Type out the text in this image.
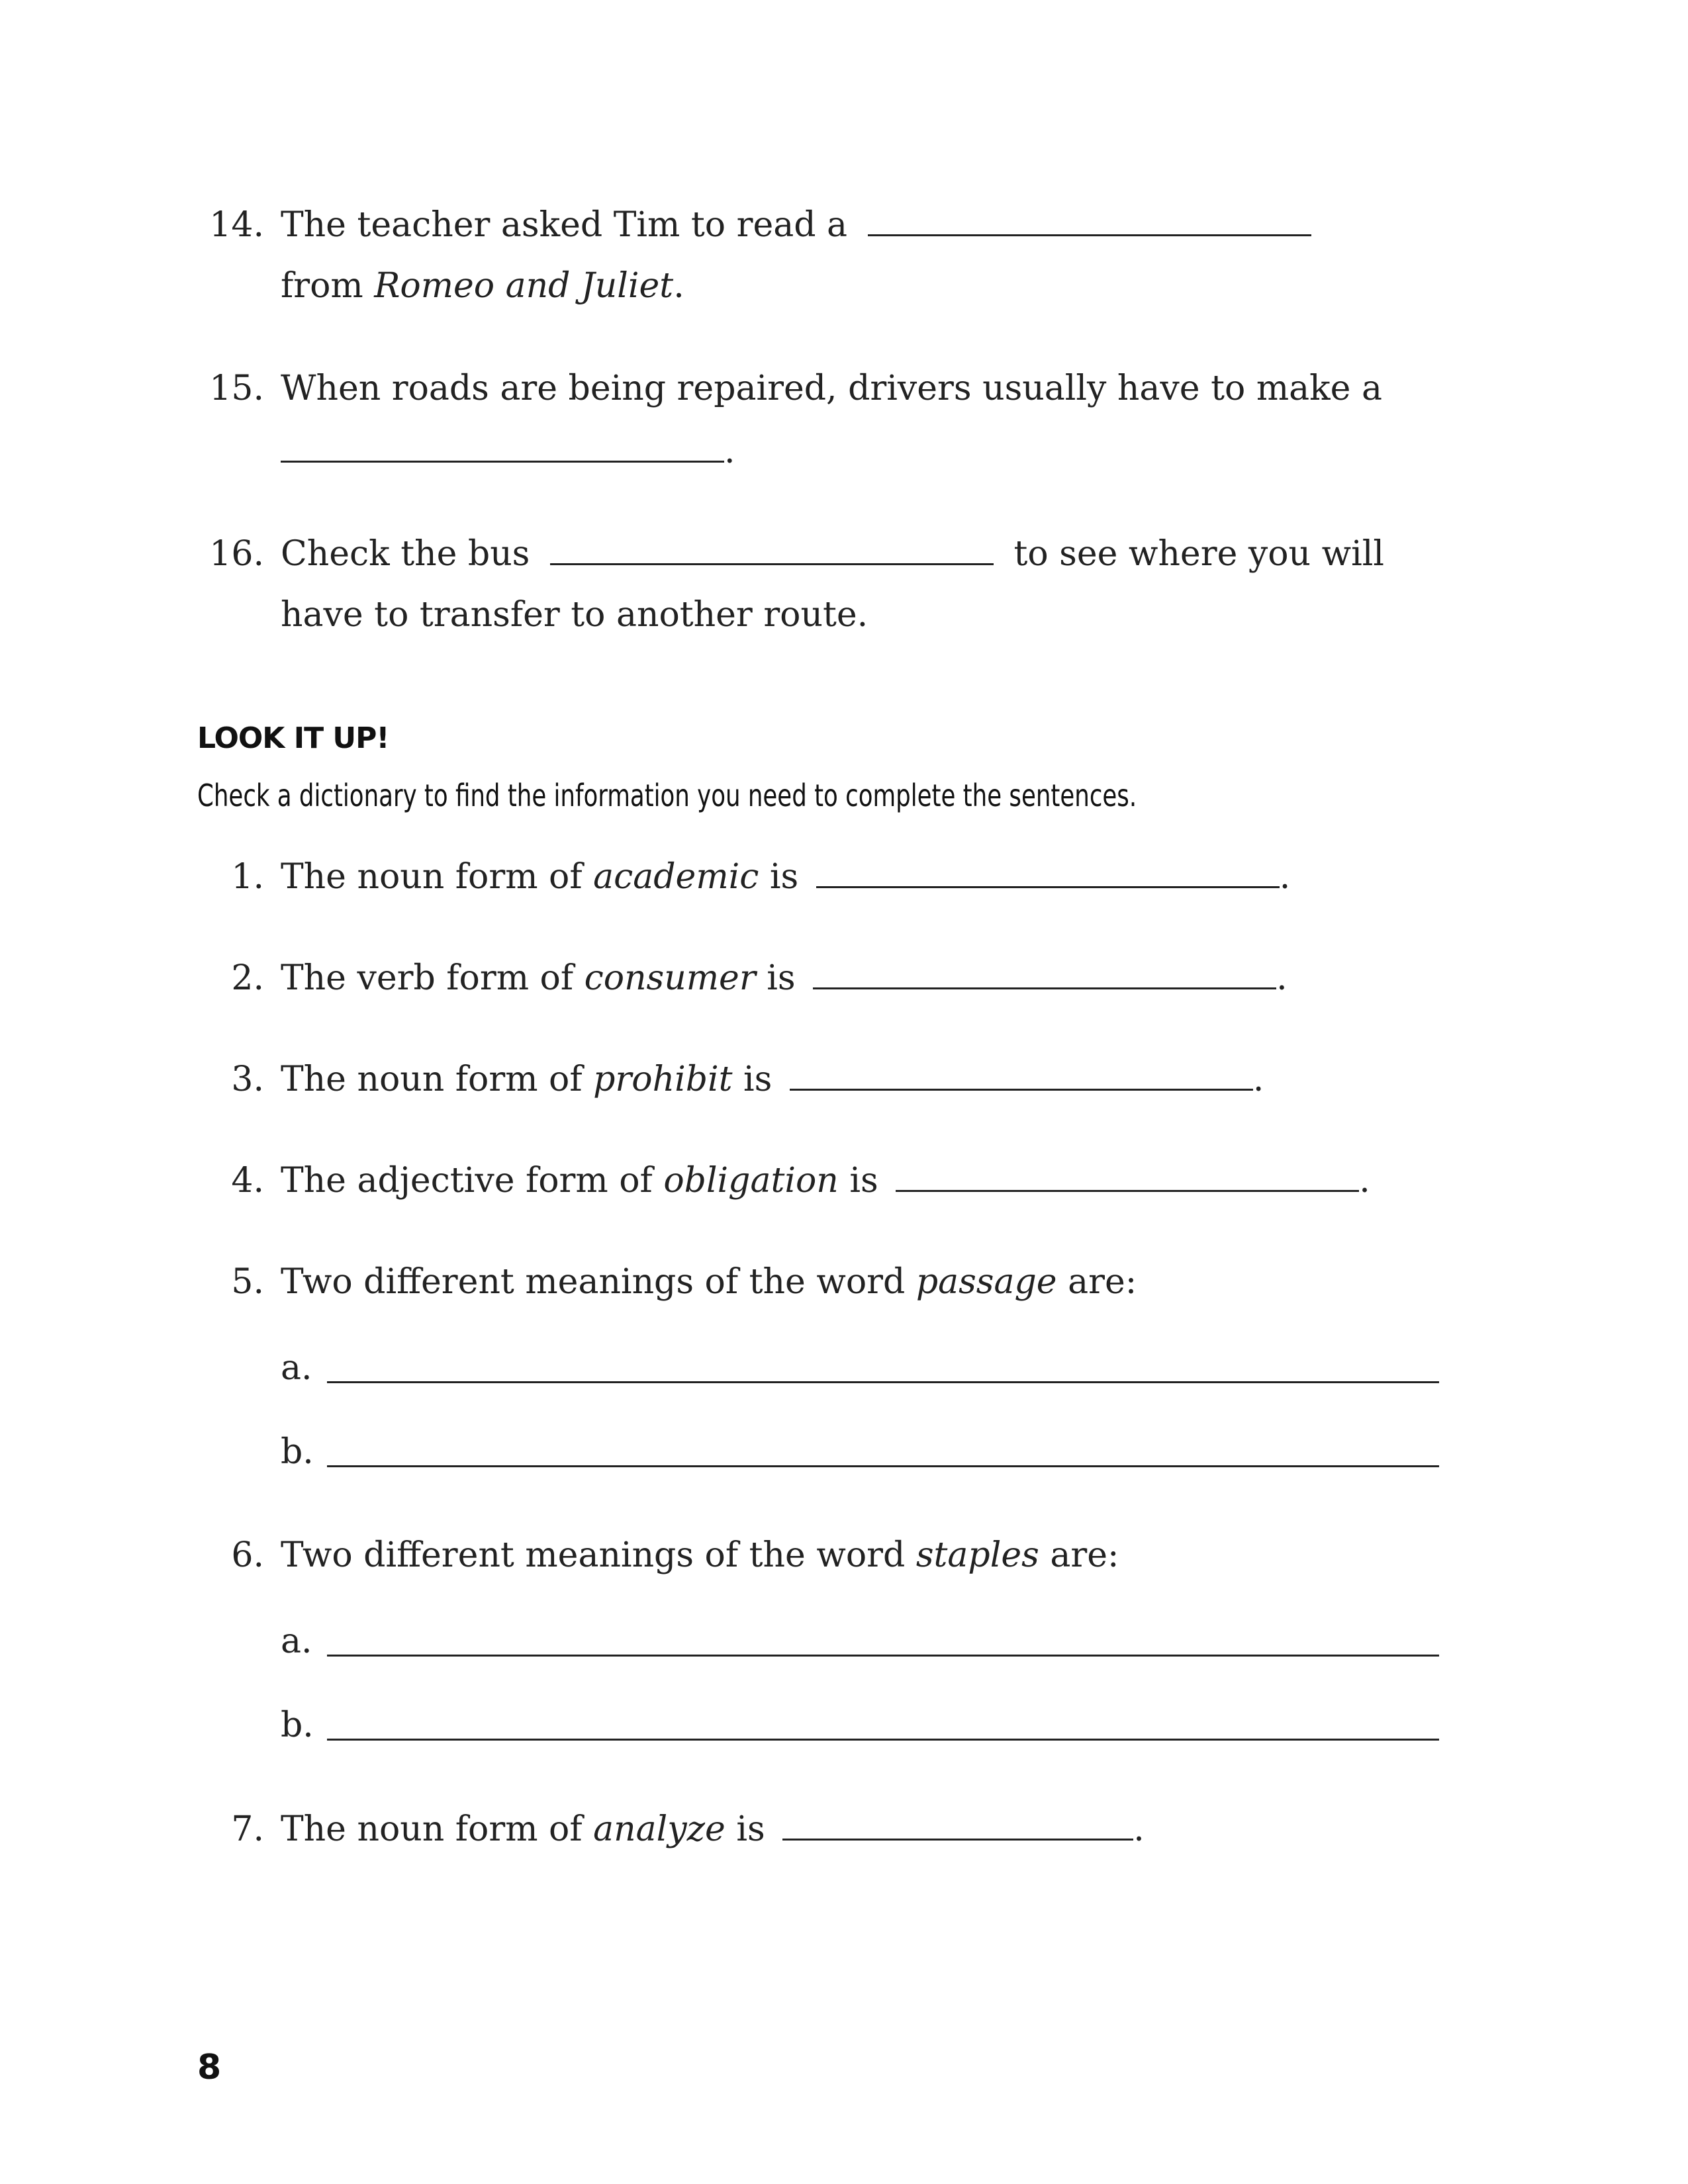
14. The teacher asked Tim to read a
from Romeo and Juliet.
15. When roads are being repaired, drivers usually have to make a
.
16. Check the bus	to see where you will
have to transfer to another route.
LOOK IT UP!
Check a dictionary to find the information you need to complete the sentences.
1. The noun form of academic is	.
2. The verb form of consumer is	.
3. The noun form of prohibit is	.
4. The adjective form of obligation is	.
5. Two different meanings of the word passage are:
a.
b.
6. Two different meanings of the word staples are:
a.
b.
7. The noun form of analyze is	.
8
